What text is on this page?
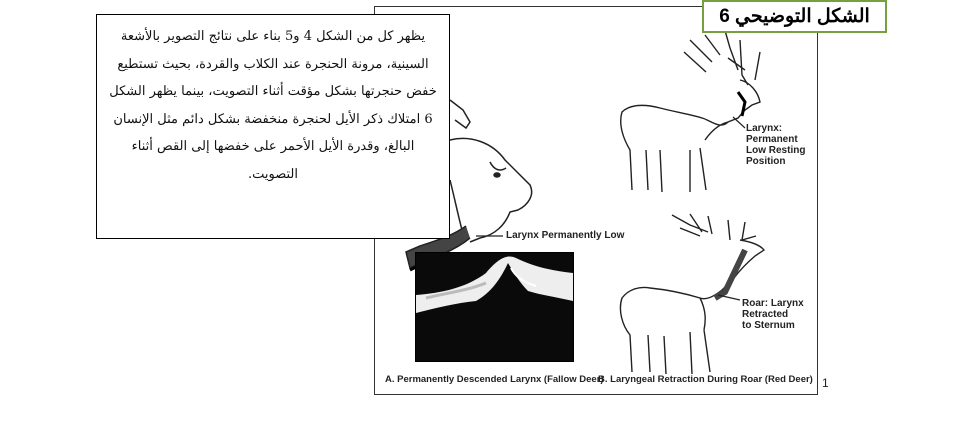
يظهر كل من الشكل 4 و5 بناء على نتائج التصوير بالأشعة السينية، مرونة الحنجرة عند الكلاب والقردة، بحيث تستطيع خفض حنجرتها بشكل مؤقت أثناء التصويت، بينما يظهر الشكل 6 امتلاك ذكر الأيل لحنجرة منخفضة بشكل دائم مثل الإنسان البالغ، وقدرة الأيل الأحمر على خفضها إلى القص أثناء التصويت.
الشكل التوضيحي 6
Larynx:
Permanent
Low Resting
Position
Larynx Permanently Low
Roar: Larynx
Retracted
to Sternum
A. Permanently Descended Larynx (Fallow Deer)
B. Laryngeal Retraction During Roar (Red Deer) 1
